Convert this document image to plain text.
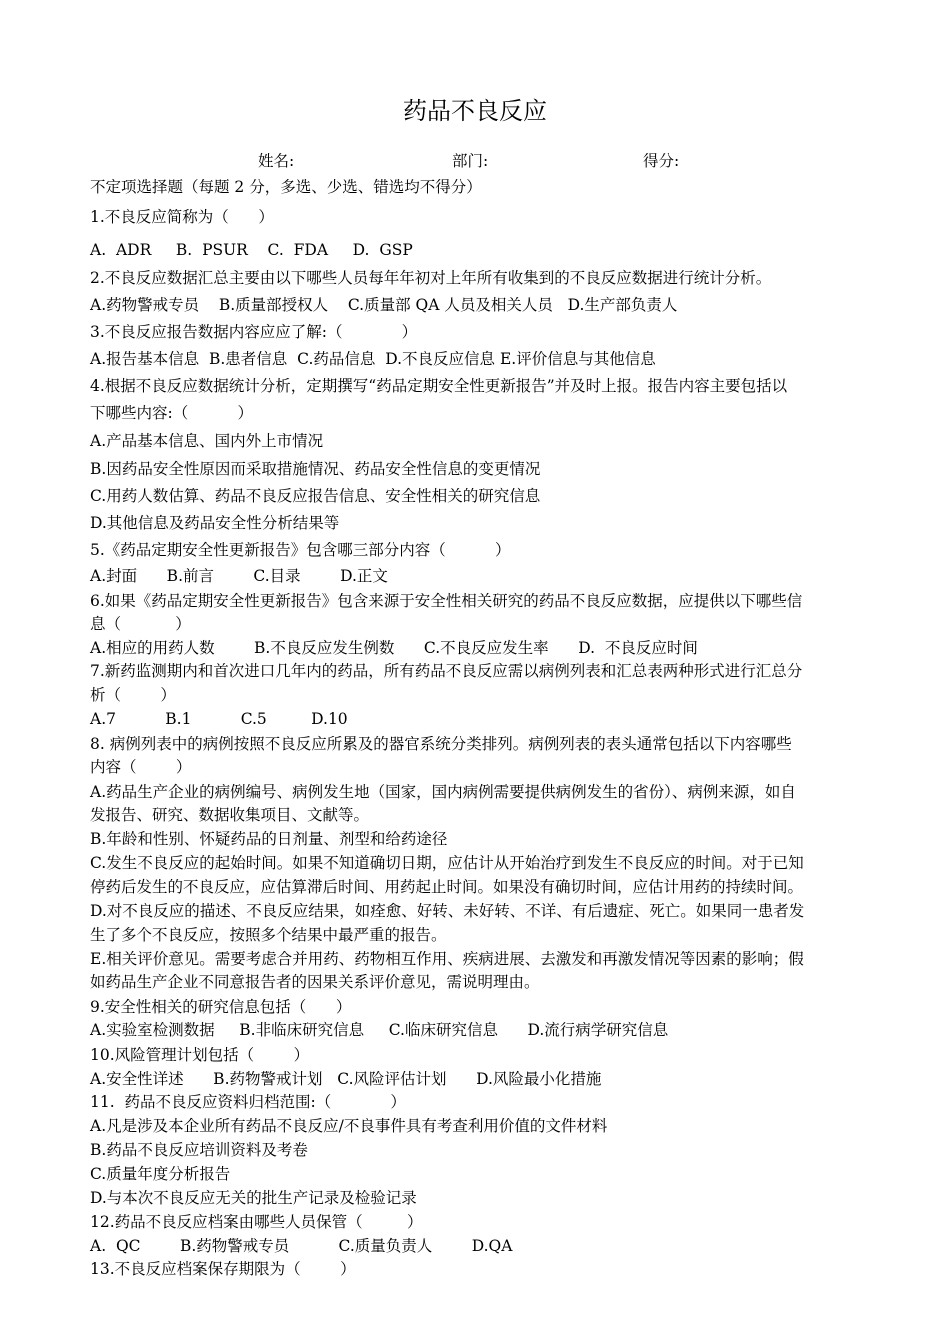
药品不良反应
姓名:	部门:	得分:
不定项选择题（每题 2 分，多选、少选、错选均不得分）
1.不良反应简称为（      ）
A.  ADR     B.  PSUR    C.  FDA     D.  GSP
2.不良反应数据汇总主要由以下哪些人员每年年初对上年所有收集到的不良反应数据进行统计分析。
A.药物警戒专员    B.质量部授权人    C.质量部 QA 人员及相关人员   D.生产部负责人
3.不良反应报告数据内容应应了解:（            ）
A.报告基本信息  B.患者信息  C.药品信息  D.不良反应信息 E.评价信息与其他信息
4.根据不良反应数据统计分析，定期撰写“药品定期安全性更新报告”并及时上报。报告内容主要包括以
下哪些内容:（          ）
A.产品基本信息、国内外上市情况
B.因药品安全性原因而采取措施情况、药品安全性信息的变更情况
C.用药人数估算、药品不良反应报告信息、安全性相关的研究信息
D.其他信息及药品安全性分析结果等
5.《药品定期安全性更新报告》包含哪三部分内容（          ）
A.封面      B.前言        C.目录        D.正文
6.如果《药品定期安全性更新报告》包含来源于安全性相关研究的药品不良反应数据，应提供以下哪些信
息（           ）
A.相应的用药人数        B.不良反应发生例数      C.不良反应发生率      D.  不良反应时间
7.新药监测期内和首次进口几年内的药品，所有药品不良反应需以病例列表和汇总表两种形式进行汇总分
析（        ）
A.7          B.1          C.5         D.10
8. 病例列表中的病例按照不良反应所累及的器官系统分类排列。病例列表的表头通常包括以下内容哪些
内容（        ）
A.药品生产企业的病例编号、病例发生地（国家，国内病例需要提供病例发生的省份）、病例来源，如自
发报告、研究、数据收集项目、文献等。
B.年龄和性别、怀疑药品的日剂量、剂型和给药途径
C.发生不良反应的起始时间。如果不知道确切日期，应估计从开始治疗到发生不良反应的时间。对于已知
停药后发生的不良反应，应估算滞后时间、用药起止时间。如果没有确切时间，应估计用药的持续时间。
D.对不良反应的描述、不良反应结果，如痊愈、好转、未好转、不详、有后遗症、死亡。如果同一患者发
生了多个不良反应，按照多个结果中最严重的报告。
E.相关评价意见。需要考虑合并用药、药物相互作用、疾病进展、去激发和再激发情况等因素的影响；假
如药品生产企业不同意报告者的因果关系评价意见，需说明理由。
9.安全性相关的研究信息包括（      ）
A.实验室检测数据     B.非临床研究信息     C.临床研究信息      D.流行病学研究信息
10.风险管理计划包括（        ）
A.安全性详述      B.药物警戒计划   C.风险评估计划      D.风险最小化措施
11.  药品不良反应资料归档范围:（            ）
A.凡是涉及本企业所有药品不良反应/不良事件具有考查利用价值的文件材料
B.药品不良反应培训资料及考卷
C.质量年度分析报告
D.与本次不良反应无关的批生产记录及检验记录
12.药品不良反应档案由哪些人员保管（         ）
A.  QC        B.药物警戒专员          C.质量负责人        D.QA
13.不良反应档案保存期限为（        ）
